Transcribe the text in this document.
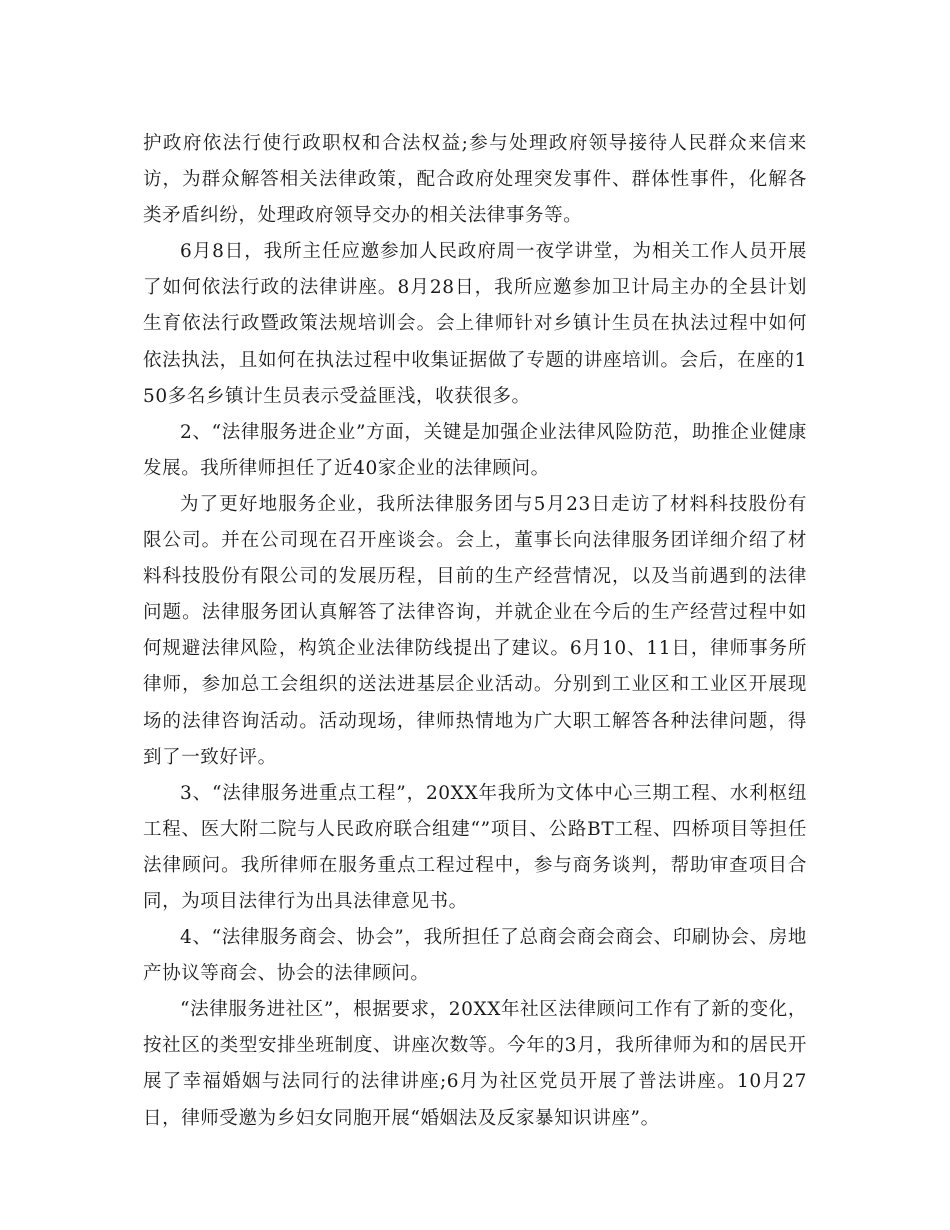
护政府依法行使行政职权和合法权益;参与处理政府领导接待人民群众来信来访，为群众解答相关法律政策，配合政府处理突发事件、群体性事件，化解各类矛盾纠纷，处理政府领导交办的相关法律事务等。

6月8日，我所主任应邀参加人民政府周一夜学讲堂，为相关工作人员开展了如何依法行政的法律讲座。8月28日，我所应邀参加卫计局主办的全县计划生育依法行政暨政策法规培训会。会上律师针对乡镇计生员在执法过程中如何依法执法，且如何在执法过程中收集证据做了专题的讲座培训。会后，在座的150多名乡镇计生员表示受益匪浅，收获很多。

2、“法律服务进企业”方面，关键是加强企业法律风险防范，助推企业健康发展。我所律师担任了近40家企业的法律顾问。

为了更好地服务企业，我所法律服务团与5月23日走访了材料科技股份有限公司。并在公司现在召开座谈会。会上，董事长向法律服务团详细介绍了材料科技股份有限公司的发展历程，目前的生产经营情况，以及当前遇到的法律问题。法律服务团认真解答了法律咨询，并就企业在今后的生产经营过程中如何规避法律风险，构筑企业法律防线提出了建议。6月10、11日，律师事务所律师，参加总工会组织的送法进基层企业活动。分别到工业区和工业区开展现场的法律咨询活动。活动现场，律师热情地为广大职工解答各种法律问题，得到了一致好评。

3、“法律服务进重点工程”，20XX年我所为文体中心三期工程、水利枢纽工程、医大附二院与人民政府联合组建“”项目、公路BT工程、四桥项目等担任法律顾问。我所律师在服务重点工程过程中，参与商务谈判，帮助审查项目合同，为项目法律行为出具法律意见书。

4、“法律服务商会、协会”，我所担任了总商会商会商会、印刷协会、房地产协议等商会、协会的法律顾问。

“法律服务进社区”，根据要求，20XX年社区法律顾问工作有了新的变化，按社区的类型安排坐班制度、讲座次数等。今年的3月，我所律师为和的居民开展了幸福婚姻与法同行的法律讲座;6月为社区党员开展了普法讲座。10月27日，律师受邀为乡妇女同胞开展“婚姻法及反家暴知识讲座”。
